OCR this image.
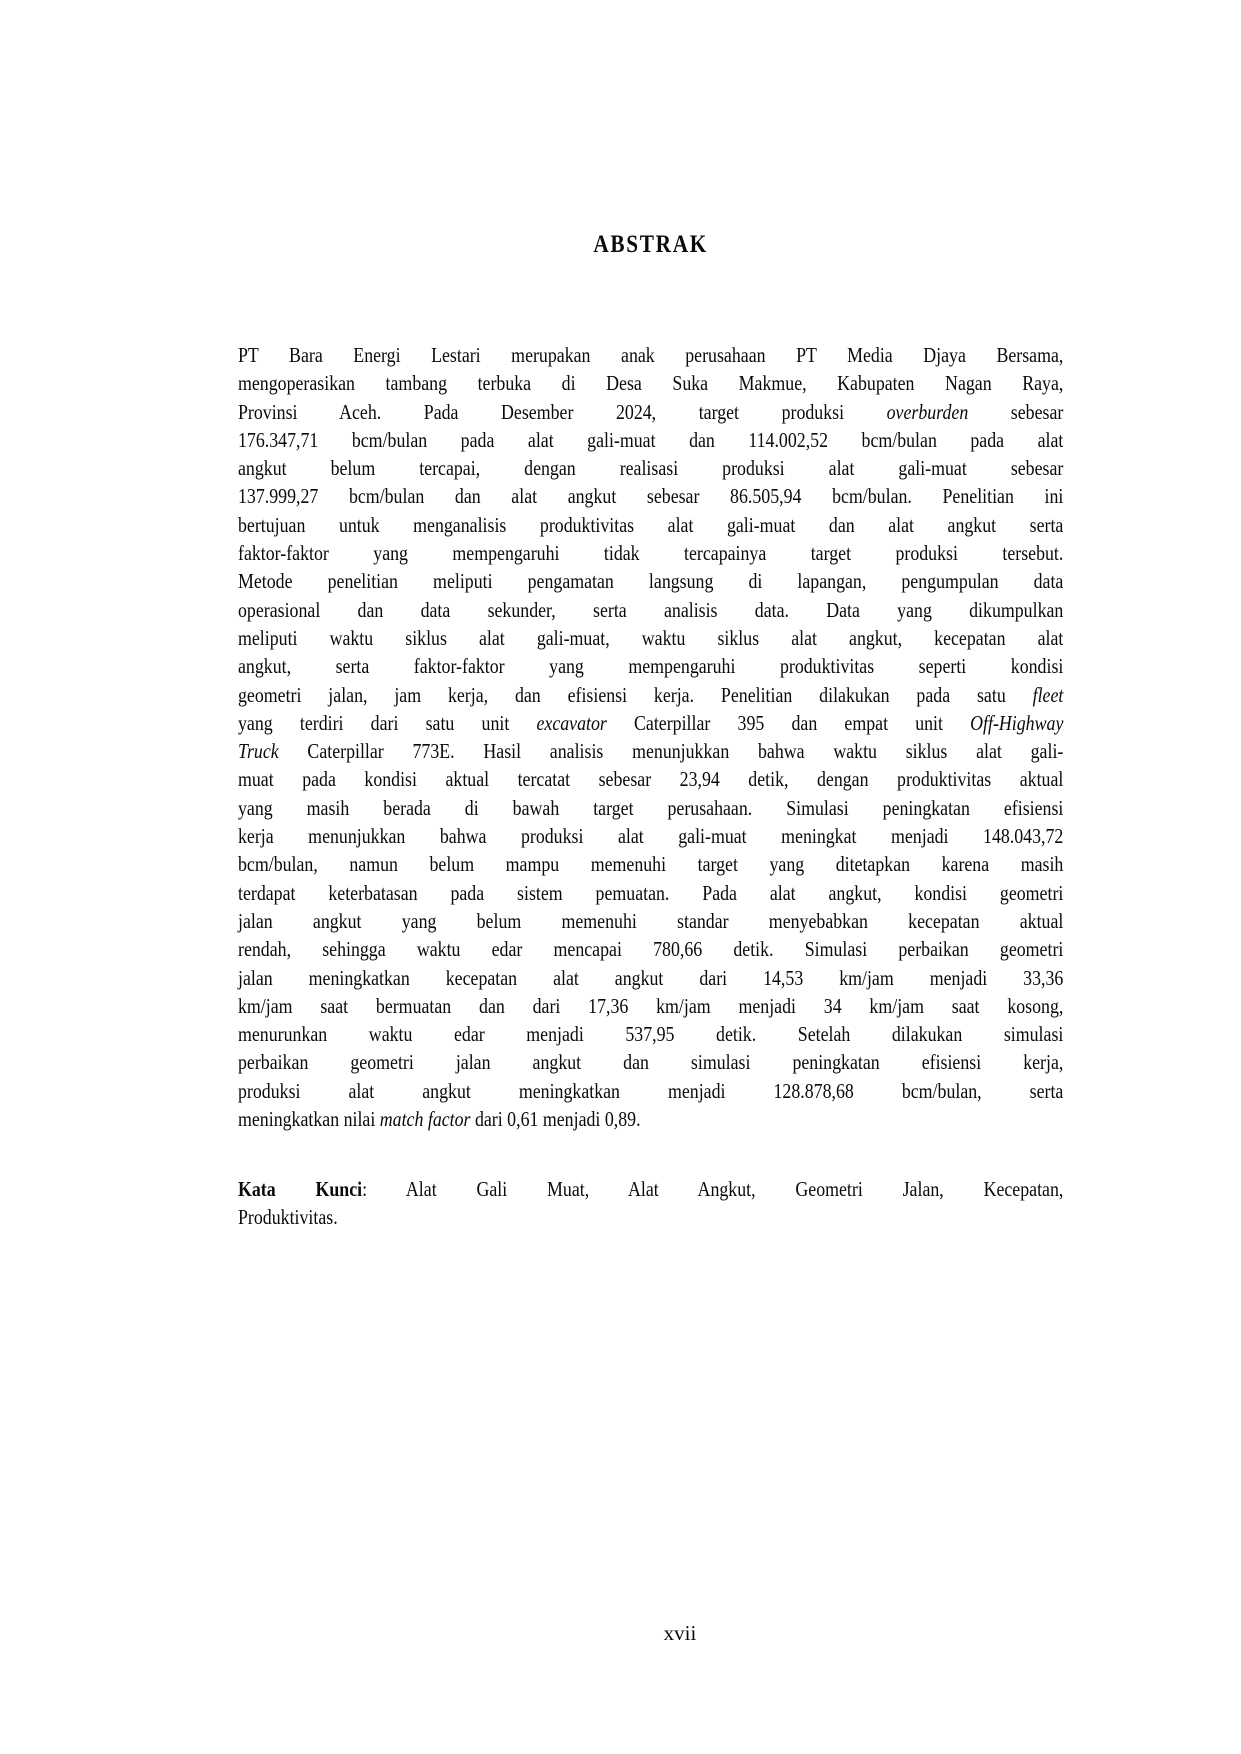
ABSTRAK
PT Bara Energi Lestari merupakan anak perusahaan PT Media Djaya Bersama,
mengoperasikan tambang terbuka di Desa Suka Makmue, Kabupaten Nagan Raya,
Provinsi Aceh. Pada Desember 2024, target produksi overburden sebesar
176.347,71 bcm/bulan pada alat gali-muat dan 114.002,52 bcm/bulan pada alat
angkut belum tercapai, dengan realisasi produksi alat gali-muat sebesar
137.999,27 bcm/bulan dan alat angkut sebesar 86.505,94 bcm/bulan. Penelitian ini
bertujuan untuk menganalisis produktivitas alat gali-muat dan alat angkut serta
faktor-faktor yang mempengaruhi tidak tercapainya target produksi tersebut.
Metode penelitian meliputi pengamatan langsung di lapangan, pengumpulan data
operasional dan data sekunder, serta analisis data. Data yang dikumpulkan
meliputi waktu siklus alat gali-muat, waktu siklus alat angkut, kecepatan alat
angkut, serta faktor-faktor yang mempengaruhi produktivitas seperti kondisi
geometri jalan, jam kerja, dan efisiensi kerja. Penelitian dilakukan pada satu fleet
yang terdiri dari satu unit excavator Caterpillar 395 dan empat unit Off-Highway
Truck Caterpillar 773E. Hasil analisis menunjukkan bahwa waktu siklus alat gali-
muat pada kondisi aktual tercatat sebesar 23,94 detik, dengan produktivitas aktual
yang masih berada di bawah target perusahaan. Simulasi peningkatan efisiensi
kerja menunjukkan bahwa produksi alat gali-muat meningkat menjadi 148.043,72
bcm/bulan, namun belum mampu memenuhi target yang ditetapkan karena masih
terdapat keterbatasan pada sistem pemuatan. Pada alat angkut, kondisi geometri
jalan angkut yang belum memenuhi standar menyebabkan kecepatan aktual
rendah, sehingga waktu edar mencapai 780,66 detik. Simulasi perbaikan geometri
jalan meningkatkan kecepatan alat angkut dari 14,53 km/jam menjadi 33,36
km/jam saat bermuatan dan dari 17,36 km/jam menjadi 34 km/jam saat kosong,
menurunkan waktu edar menjadi 537,95 detik. Setelah dilakukan simulasi
perbaikan geometri jalan angkut dan simulasi peningkatan efisiensi kerja,
produksi alat angkut meningkatkan menjadi 128.878,68 bcm/bulan, serta
meningkatkan nilai match factor dari 0,61 menjadi 0,89.
Kata Kunci: Alat Gali Muat, Alat Angkut, Geometri Jalan, Kecepatan,
Produktivitas.
xvii
